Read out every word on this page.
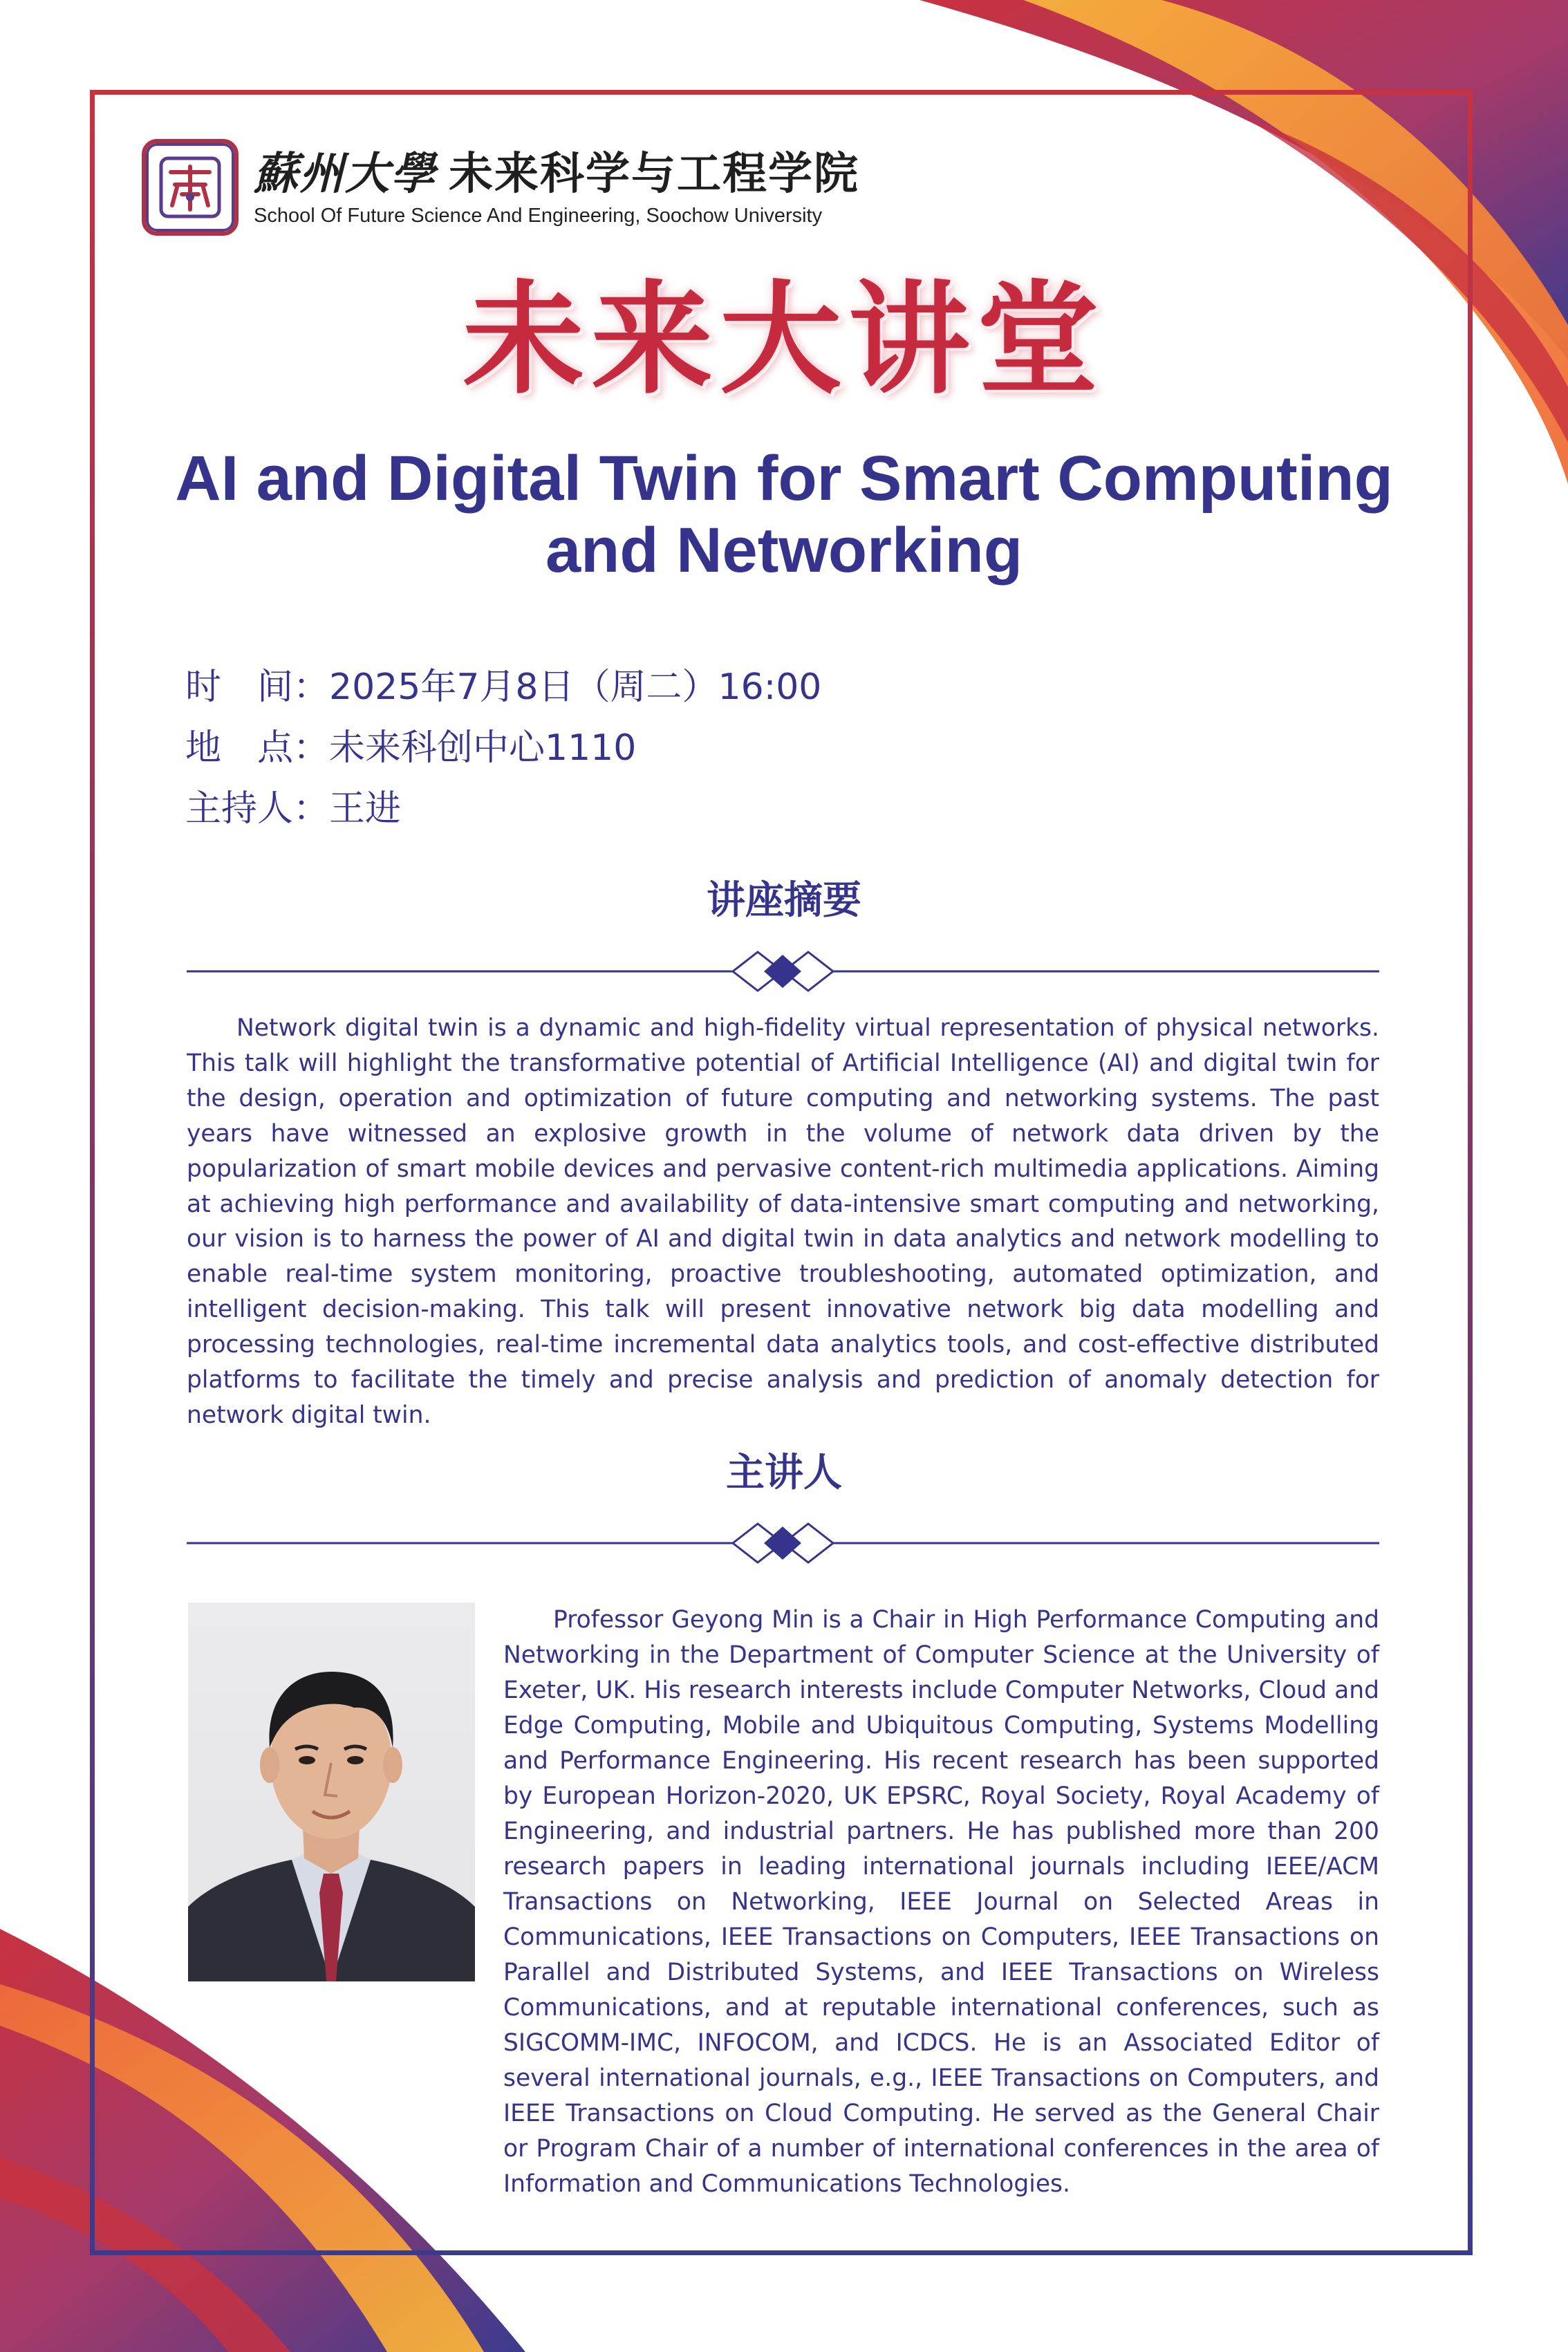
蘇州大學 未来科学与工程学院
School Of Future Science And Engineering, Soochow University
未来大讲堂
AI and Digital Twin for Smart Computing and Networking
时　间：2025年7月8日（周二）16:00
地　点：未来科创中心1110
主持人：王进
讲座摘要

Network digital twin is a dynamic and high-fidelity virtual representation of physical networks. This talk will highlight the transformative potential of Artificial Intelligence (AI) and digital twin for the design, operation and optimization of future computing and networking systems. The past years have witnessed an explosive growth in the volume of network data driven by the popularization of smart mobile devices and pervasive content-rich multimedia applications. Aiming at achieving high performance and availability of data-intensive smart computing and networking, our vision is to harness the power of AI and digital twin in data analytics and network modelling to enable real-time system monitoring, proactive troubleshooting, automated optimization, and intelligent decision-making. This talk will present innovative network big data modelling and processing technologies, real-time incremental data analytics tools, and cost-effective distributed platforms to facilitate the timely and precise analysis and prediction of anomaly detection for network digital twin.

主讲人

Professor Geyong Min is a Chair in High Performance Computing and Networking in the Department of Computer Science at the University of Exeter, UK. His research interests include Computer Networks, Cloud and Edge Computing, Mobile and Ubiquitous Computing, Systems Modelling and Performance Engineering. His recent research has been supported by European Horizon-2020, UK EPSRC, Royal Society, Royal Academy of Engineering, and industrial partners. He has published more than 200 research papers in leading international journals including IEEE/ACM Transactions on Networking, IEEE Journal on Selected Areas in Communications, IEEE Transactions on Computers, IEEE Transactions on Parallel and Distributed Systems, and IEEE Transactions on Wireless Communications, and at reputable international conferences, such as SIGCOMM-IMC, INFOCOM, and ICDCS. He is an Associated Editor of several international journals, e.g., IEEE Transactions on Computers, and IEEE Transactions on Cloud Computing. He served as the General Chair or Program Chair of a number of international conferences in the area of Information and Communications Technologies.
